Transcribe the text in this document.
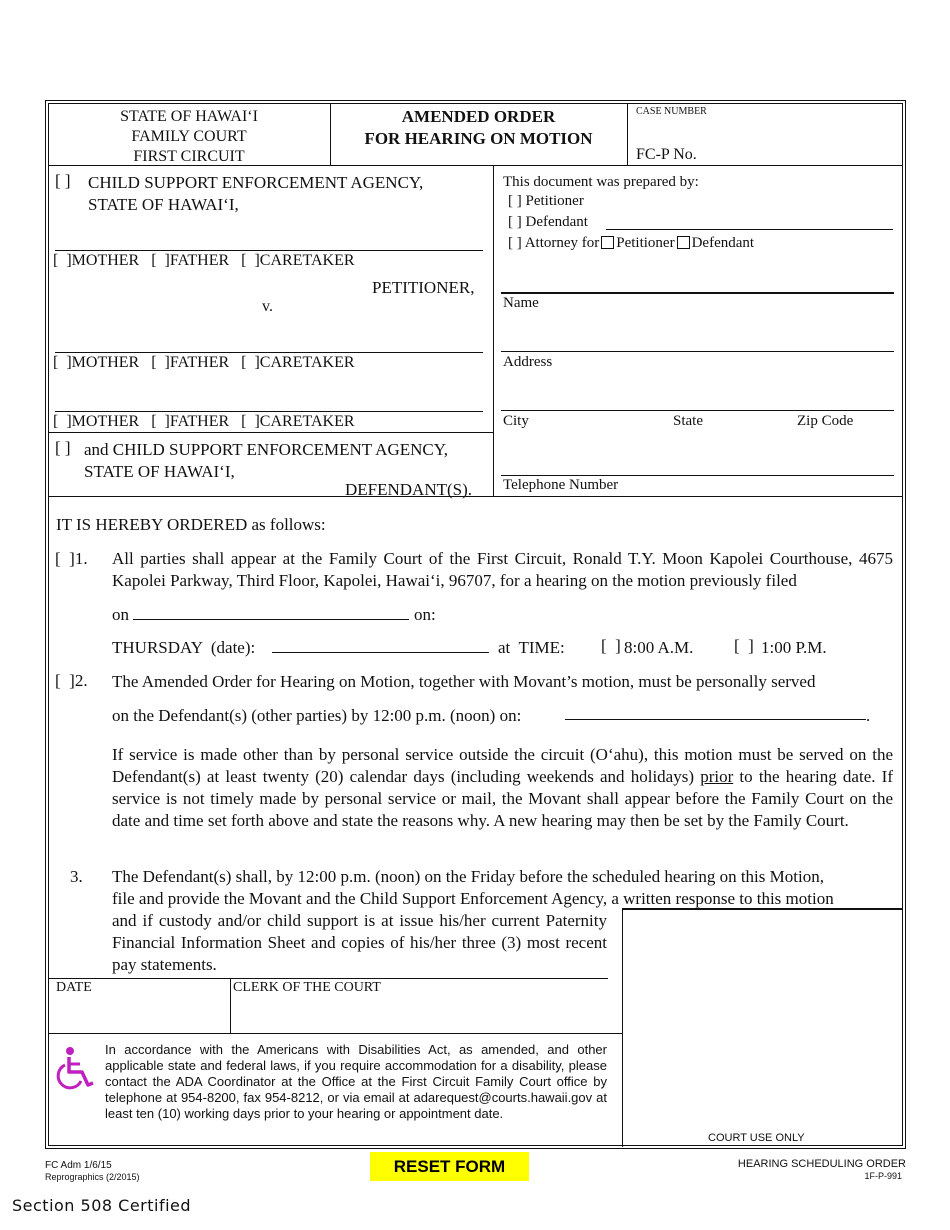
STATE OF HAWAIʻI
FAMILY COURT
FIRST CIRCUIT
AMENDED ORDER
FOR HEARING ON MOTION
CASE NUMBER
FC-P No.
[ ] CHILD SUPPORT ENFORCEMENT AGENCY,
STATE OF HAWAIʻI,
[  ]MOTHER   [  ]FATHER   [  ]CARETAKER
PETITIONER,
v.
[  ]MOTHER   [  ]FATHER   [  ]CARETAKER
[  ]MOTHER   [  ]FATHER   [  ]CARETAKER
[ ] and CHILD SUPPORT ENFORCEMENT AGENCY,
STATE OF HAWAIʻI,
DEFENDANT(S).
This document was prepared by:
[ ] Petitioner
[ ] Defendant
[ ] Attorney for Petitioner Defendant
Name
Address
City	State	Zip Code
Telephone Number
IT IS HEREBY ORDERED as follows:
[  ]1. All parties shall appear at the Family Court of the First Circuit, Ronald T.Y. Moon Kapolei Courthouse, 4675 Kapolei Parkway, Third Floor, Kapolei, Hawaiʻi, 96707, for a hearing on the motion previously filed
on	on:
THURSDAY  (date):	at  TIME: [  ] 8:00 A.M. [  ] 1:00 P.M.
[  ]2. The Amended Order for Hearing on Motion, together with Movant’s motion, must be personally served
on the Defendant(s) (other parties) by 12:00 p.m. (noon) on:	.
If service is made other than by personal service outside the circuit (Oʻahu), this motion must be served on the Defendant(s) at least twenty (20) calendar days (including weekends and holidays) prior to the hearing date. If service is not timely made by personal service or mail, the Movant shall appear before the Family Court on the date and time set forth above and state the reasons why. A new hearing may then be set by the Family Court.
3. The Defendant(s) shall, by 12:00 p.m. (noon) on the Friday before the scheduled hearing on this Motion,
file and provide the Movant and the Child Support Enforcement Agency, a written response to this motion
and if custody and/or child support is at issue his/her current Paternity Financial Information Sheet and copies of his/her three (3) most recent pay statements.
COURT USE ONLY
DATE	CLERK OF THE COURT
In accordance with the Americans with Disabilities Act, as amended, and other applicable state and federal laws, if you require accommodation for a disability, please contact the ADA Coordinator at the Office at the First Circuit Family Court office by telephone at 954-8200, fax 954-8212, or via email at adarequest@courts.hawaii.gov at least ten (10) working days prior to your hearing or appointment date.
FC Adm 1/6/15
Reprographics (2/2015)
RESET FORM	HEARING SCHEDULING ORDER
1F-P-991
Section 508 Certified
